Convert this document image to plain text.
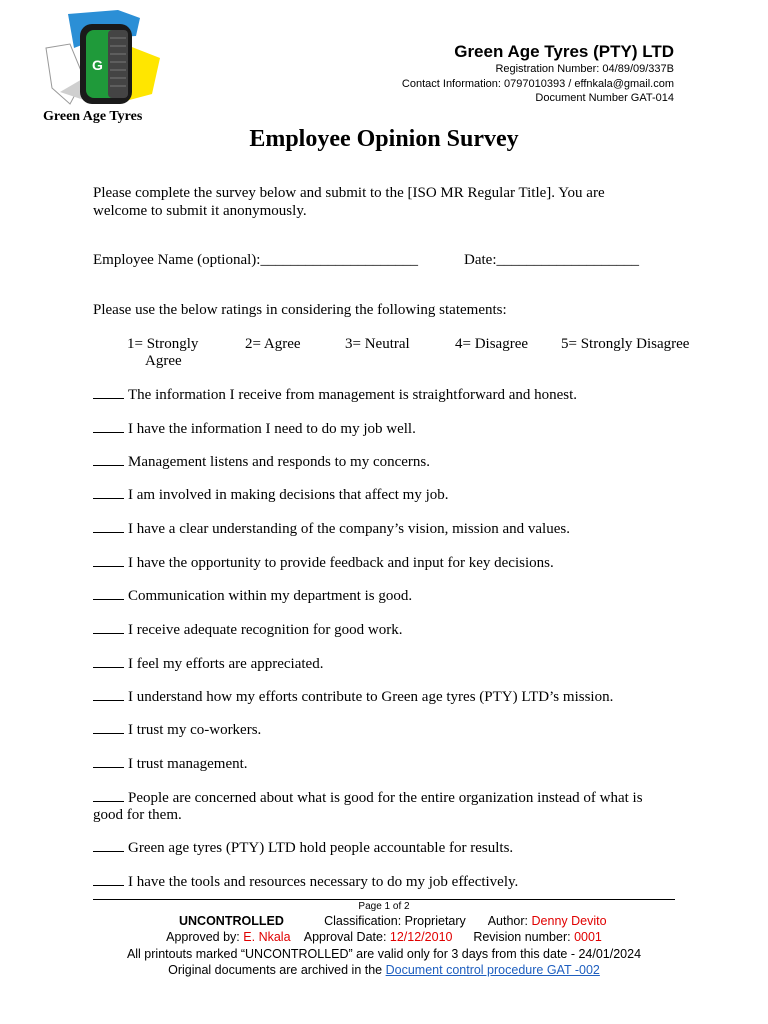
G
Green Age Tyres
Green Age Tyres (PTY) LTD
Registration Number: 04/89/09/337B
Contact Information: 0797010393 / effnkala@gmail.com
Document Number GAT-014
Employee Opinion Survey
Please complete the survey below and submit to the [ISO MR Regular Title]. You are welcome to submit it anonymously.
Employee Name (optional):_____________________	Date:___________________
Please use the below ratings in considering the following statements:
1= Strongly
Agree
2= Agree	3= Neutral	4= Disagree 5= Strongly Disagree
The information I receive from management is straightforward and honest.
I have the information I need to do my job well.
Management listens and responds to my concerns.
I am involved in making decisions that affect my job.
I have a clear understanding of the company’s vision, mission and values.
I have the opportunity to provide feedback and input for key decisions.
Communication within my department is good.
I receive adequate recognition for good work.
I feel my efforts are appreciated.
I understand how my efforts contribute to Green age tyres (PTY) LTD’s mission.
I trust my co-workers.
I trust management.
People are concerned about what is good for the entire organization instead of what is good for them.
Green age tyres (PTY) LTD hold people accountable for results.
I have the tools and resources necessary to do my job effectively.
Page 1 of 2
UNCONTROLLED	Classification: Proprietary Author: Denny Devito
Approved by: E. Nkala Approval Date: 12/12/2010 Revision number: 0001
All printouts marked “UNCONTROLLED” are valid only for 3 days from this date - 24/01/2024
Original documents are archived in the Document control procedure GAT -002
